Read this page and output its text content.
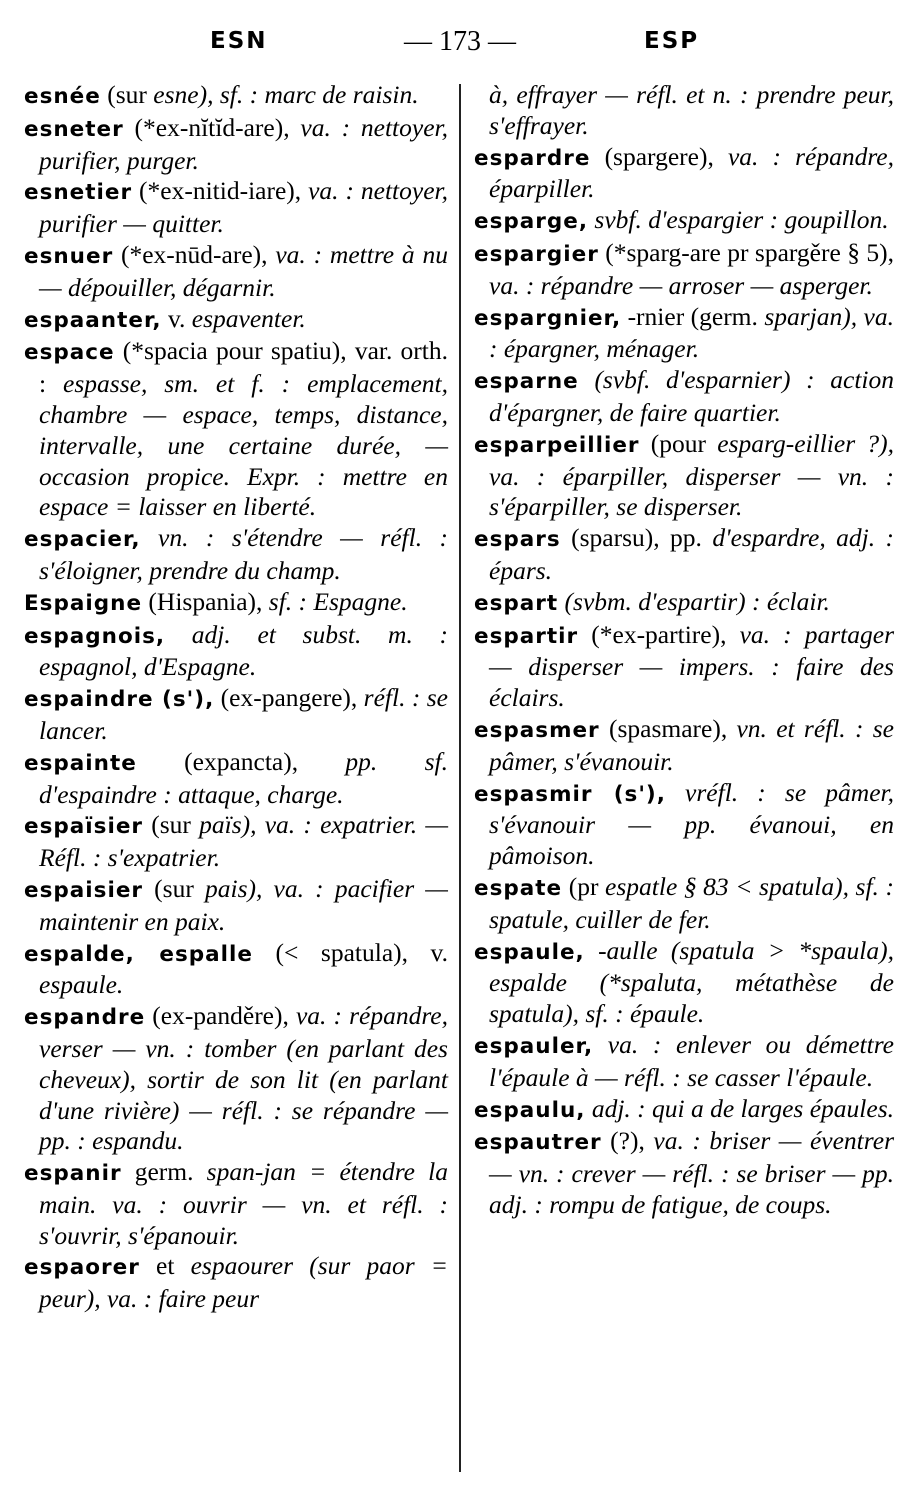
ESN	— 173 —	ESP

esnée (sur esne), sf. : marc de raisin.

esneter (*ex-nĭtĭd-are), va. : nettoyer, purifier, purger.

esnetier (*ex-nitid-iare), va. : nettoyer, purifier — quitter.

esnuer (*ex-nūd-are), va. : mettre à nu — dépouiller, dégarnir.

espaanter, v. espaventer.

espace (*spacia pour spatiu), var. orth. : espasse, sm. et f. : emplacement, chambre — espace, temps, distance, intervalle, une certaine durée, — occasion propice. Expr. : mettre en espace = laisser en liberté.

espacier, vn. : s'étendre — réfl. : s'éloigner, prendre du champ.

Espaigne (Hispania), sf. : Espagne.

espagnois, adj. et subst. m. : espagnol, d'Espagne.

espaindre (s'), (ex-pangere), réfl. : se lancer.

espainte (expancta), pp. sf. d'espaindre : attaque, charge.

espaïsier (sur païs), va. : expatrier. — Réfl. : s'expatrier.

espaisier (sur pais), va. : pacifier — maintenir en paix.

espalde, espalle (< spatula), v. espaule.

espandre (ex-panděre), va. : répandre, verser — vn. : tomber (en parlant des cheveux), sortir de son lit (en parlant d'une rivière) — réfl. : se répandre — pp. : espandu.

espanir germ. span-jan = étendre la main. va. : ouvrir — vn. et réfl. : s'ouvrir, s'épanouir.

espaorer et espaourer (sur paor = peur), va. : faire peur

à, effrayer — réfl. et n. : prendre peur, s'effrayer.

espardre (spargere), va. : répandre, éparpiller.

esparge, svbf. d'espargier : goupillon.

espargier (*sparg-are pr spargěre § 5), va. : répandre — arroser — asperger.

espargnier, -rnier (germ. sparjan), va. : épargner, ménager.

esparne (svbf. d'esparnier) : action d'épargner, de faire quartier.

esparpeillier (pour esparg-eillier ?), va. : éparpiller, disperser — vn. : s'éparpiller, se disperser.

espars (sparsu), pp. d'espardre, adj. : épars.

espart (svbm. d'espartir) : éclair.

espartir (*ex-partire), va. : partager — disperser — impers. : faire des éclairs.

espasmer (spasmare), vn. et réfl. : se pâmer, s'évanouir.

espasmir (s'), vréfl. : se pâmer, s'évanouir — pp. évanoui, en pâmoison.

espate (pr espatle § 83 < spatula), sf. : spatule, cuiller de fer.

espaule, -aulle (spatula > *spaula), espalde (*spaluta, métathèse de spatula), sf. : épaule.

espauler, va. : enlever ou démettre l'épaule à — réfl. : se casser l'épaule.

espaulu, adj. : qui a de larges épaules.

espautrer (?), va. : briser — éventrer — vn. : crever — réfl. : se briser — pp. adj. : rompu de fatigue, de coups.
